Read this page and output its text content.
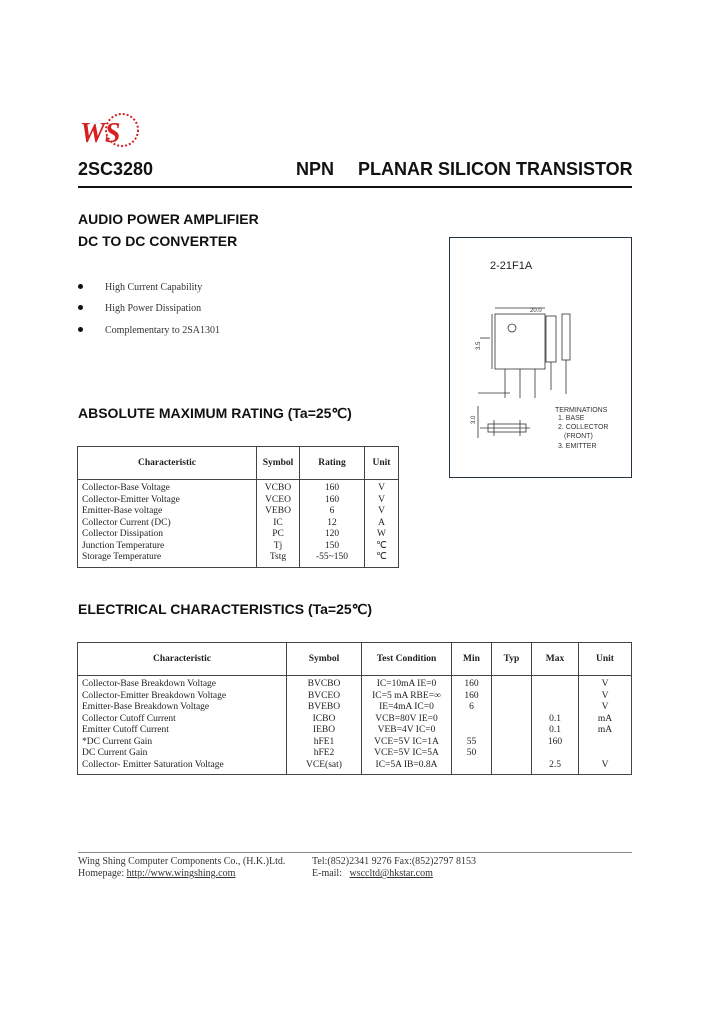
WS
2SC3280	NPN PLANAR SILICON TRANSISTOR
AUDIO POWER AMPLIFIER
DC TO DC CONVERTER
High Current Capability
High Power Dissipation
Complementary to 2SA1301
2-21F1A
20.0
3.5
3.0
TERMINATIONS
1. BASE
2. COLLECTOR
(FRONT)
3. EMITTER
ABSOLUTE MAXIMUM RATING (Ta=25℃)
Characteristic	Symbol	Rating	Unit
Collector-Base Voltage	VCBO	160	V
Collector-Emitter Voltage	VCEO	160	V
Emitter-Base voltage	VEBO	6	V
Collector Current (DC)	IC	12	A
Collector Dissipation	PC	120	W
Junction Temperature	Tj	150	℃
Storage Temperature	Tstg	-55~150	℃
ELECTRICAL CHARACTERISTICS (Ta=25℃)
Characteristic	Symbol	Test Condition	Min	Typ	Max	Unit
Collector-Base Breakdown Voltage	BVCBO	IC=10mA IE=0	160			V
Collector-Emitter Breakdown Voltage	BVCEO	IC=5 mA RBE=∞	160			V
Emitter-Base Breakdown Voltage	BVEBO	IE=4mA IC=0	6			V
Collector Cutoff Current	ICBO	VCB=80V IE=0			0.1	mA
Emitter Cutoff Current	IEBO	VEB=4V IC=0			0.1	mA
*DC Current Gain	hFE1	VCE=5V IC=1A	55		160	
DC Current Gain	hFE2	VCE=5V IC=5A	50			
Collector- Emitter Saturation Voltage	VCE(sat)	IC=5A IB=0.8A			2.5	V
Wing Shing Computer Components Co., (H.K.)Ltd.
Homepage: http://www.wingshing.com
Tel:(852)2341 9276 Fax:(852)2797 8153
E-mail: wsccltd@hkstar.com
